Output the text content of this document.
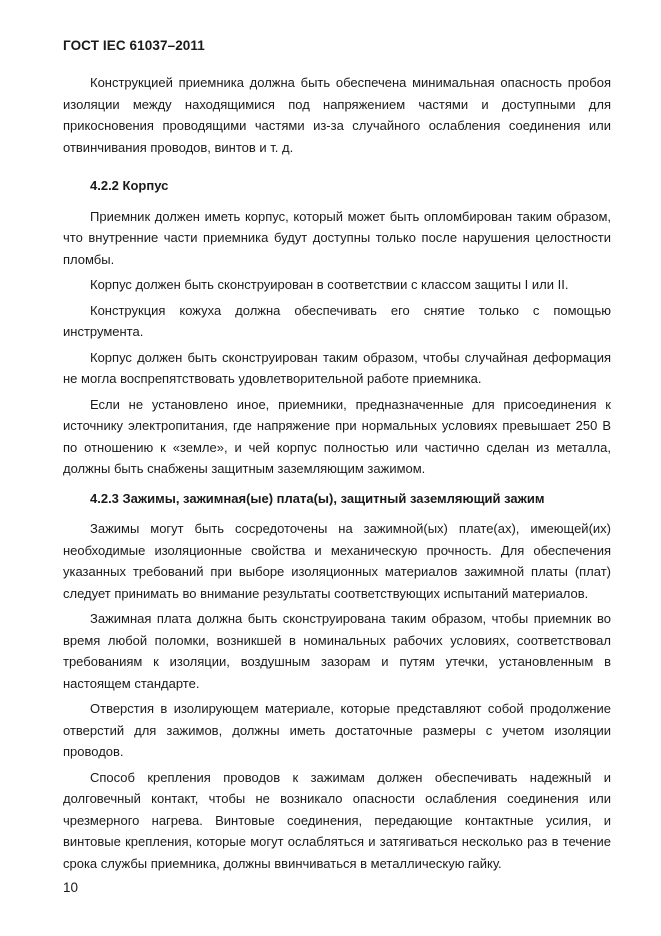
ГОСТ IEC 61037–2011

Конструкцией приемника должна быть обеспечена минимальная опасность пробоя изоляции между находящимися под напряжением частями и доступными для прикосновения проводящими частями из-за случайного ослабления соединения или отвинчивания проводов, винтов и т. д.

4.2.2 Корпус

Приемник должен иметь корпус, который может быть опломбирован таким образом, что внутренние части приемника будут доступны только после нарушения целостности пломбы.

Корпус должен быть сконструирован в соответствии с классом защиты I или II.

Конструкция кожуха должна обеспечивать его снятие только с помощью инструмента.

Корпус должен быть сконструирован таким образом, чтобы случайная деформация не могла воспрепятствовать удовлетворительной работе приемника.

Если не установлено иное, приемники, предназначенные для присоединения к источнику электропитания, где напряжение при нормальных условиях превышает 250 В по отношению к «земле», и чей корпус полностью или частично сделан из металла, должны быть снабжены защитным заземляющим зажимом.

4.2.3 Зажимы, зажимная(ые) плата(ы), защитный заземляющий зажим

Зажимы могут быть сосредоточены на зажимной(ых) плате(ах), имеющей(их) необходимые изоляционные свойства и механическую прочность. Для обеспечения указанных требований при выборе изоляционных материалов зажимной платы (плат) следует принимать во внимание результаты соответствующих испытаний материалов.

Зажимная плата должна быть сконструирована таким образом, чтобы приемник во время любой поломки, возникшей в номинальных рабочих условиях, соответствовал требованиям к изоляции, воздушным зазорам и путям утечки, установленным в настоящем стандарте.

Отверстия в изолирующем материале, которые представляют собой продолжение отверстий для зажимов, должны иметь достаточные размеры с учетом изоляции проводов.

Способ крепления проводов к зажимам должен обеспечивать надежный и долговечный контакт, чтобы не возникало опасности ослабления соединения или чрезмерного нагрева. Винтовые соединения, передающие контактные усилия, и винтовые крепления, которые могут ослабляться и затягиваться несколько раз в течение срока службы приемника, должны ввинчиваться в металлическую гайку.

10
